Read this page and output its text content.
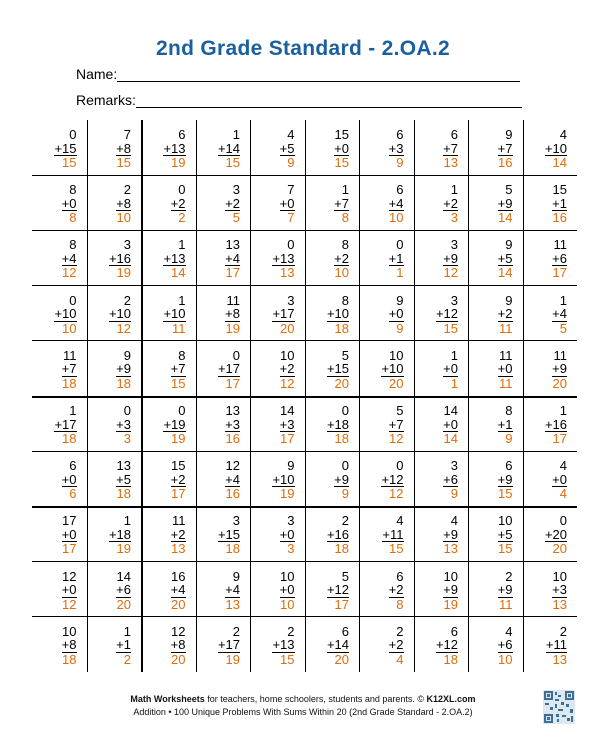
2nd Grade Standard - 2.OA.2
Name:
Remarks:
0
+15
15
7
+8
15
6
+13
19
1
+14
15
4
+5
9
15
+0
15
6
+3
9
6
+7
13
9
+7
16
4
+10
14
8
+0
8
2
+8
10
0
+2
2
3
+2
5
7
+0
7
1
+7
8
6
+4
10
1
+2
3
5
+9
14
15
+1
16
8
+4
12
3
+16
19
1
+13
14
13
+4
17
0
+13
13
8
+2
10
0
+1
1
3
+9
12
9
+5
14
11
+6
17
0
+10
10
2
+10
12
1
+10
11
11
+8
19
3
+17
20
8
+10
18
9
+0
9
3
+12
15
9
+2
11
1
+4
5
11
+7
18
9
+9
18
8
+7
15
0
+17
17
10
+2
12
5
+15
20
10
+10
20
1
+0
1
11
+0
11
11
+9
20
1
+17
18
0
+3
3
0
+19
19
13
+3
16
14
+3
17
0
+18
18
5
+7
12
14
+0
14
8
+1
9
1
+16
17
6
+0
6
13
+5
18
15
+2
17
12
+4
16
9
+10
19
0
+9
9
0
+12
12
3
+6
9
6
+9
15
4
+0
4
17
+0
17
1
+18
19
11
+2
13
3
+15
18
3
+0
3
2
+16
18
4
+11
15
4
+9
13
10
+5
15
0
+20
20
12
+0
12
14
+6
20
16
+4
20
9
+4
13
10
+0
10
5
+12
17
6
+2
8
10
+9
19
2
+9
11
10
+3
13
10
+8
18
1
+1
2
12
+8
20
2
+17
19
2
+13
15
6
+14
20
2
+2
4
6
+12
18
4
+6
10
2
+11
13
Math Worksheets for teachers, home schoolers, students and parents. © K12XL.com
Addition • 100 Unique Problems With Sums Within 20 (2nd Grade Standard - 2.OA.2)
